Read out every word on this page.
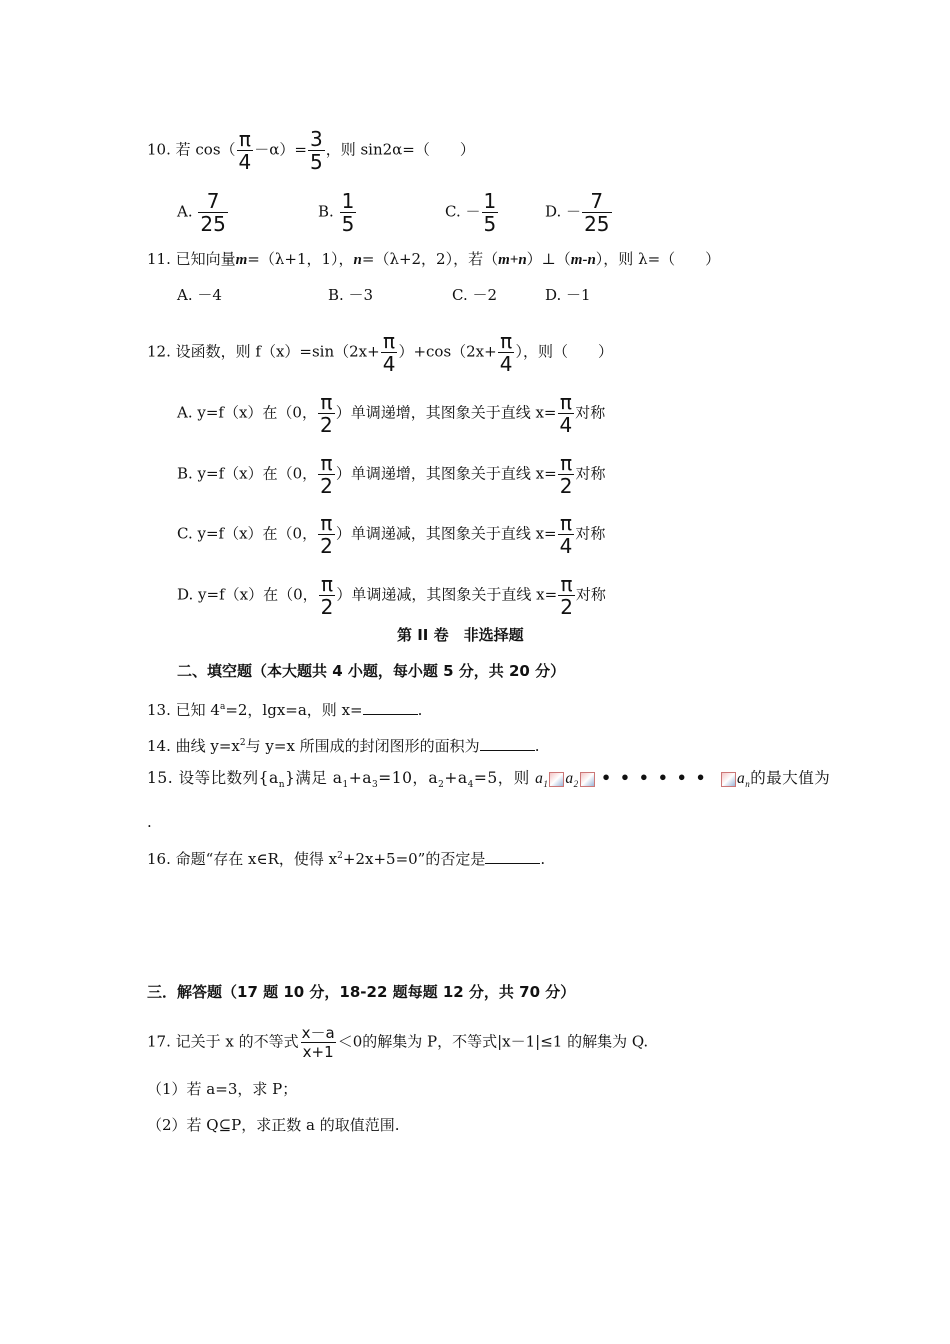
10. 若 $\cos( \frac{\pi}{4} -\alpha)= \frac{3}{5}$ ，则 sin2α=（　　）
A. $\frac{7}{25}$	B. $\frac{1}{5}$	C. － $\frac{1}{5}$	D. － $\frac{7}{25}$
11. 已知向量m=（λ+1，1），n=（λ+2，2），若（m+n）⊥（m-n），则 λ=（　　）
A. －4	B. －3	C. －2	D. －1
12. 设函数，则 $f(x)=\sin(2x+ \frac{\pi}{4} )+\cos(2x+ \frac{\pi}{4}$ ），则（　　）
A. y=f（x）在（0， $\frac{\pi}{2}$ ）单调递增，其图象关于直线 $x= \frac{\pi}{4}$ 对称
B. y=f（x）在（0， $\frac{\pi}{2}$ ）单调递增，其图象关于直线 $x= \frac{\pi}{2}$ 对称
C. y=f（x）在（0， $\frac{\pi}{2}$ ）单调递减，其图象关于直线 $x= \frac{\pi}{4}$ 对称
D. y=f（x）在（0， $\frac{\pi}{2}$ ）单调递减，其图象关于直线 $x= \frac{\pi}{2}$ 对称
第 II 卷　非选择题
二、填空题（本大题共 4 小题，每小题 5 分，共 20 分）
13. 已知 $4^a=2$，lgx=a，则 x=	.
14. 曲线 $y=x^2$与 y=x 所围成的封闭图形的面积为	.
15. 设等比数列$\{a_n\}$满足 $a_1+a_3=10$，$a_2+a_4=5$，则 $a_1$ $a_2$ •••••• $a_n$的最大值为
.
16. 命题“存在 x∈R，使得 $x^2+2x+5=0$”的否定是	.
三．解答题（17 题 10 分，18-22 题每题 12 分，共 70 分）
17. 记关于 x 的不等式 $\frac{x-a}{x+1} <0$的解集为 P，不等式|x－1|≤1 的解集为 Q.
（1）若 a=3，求 P；
（2）若 Q⊆P，求正数 a 的取值范围.
